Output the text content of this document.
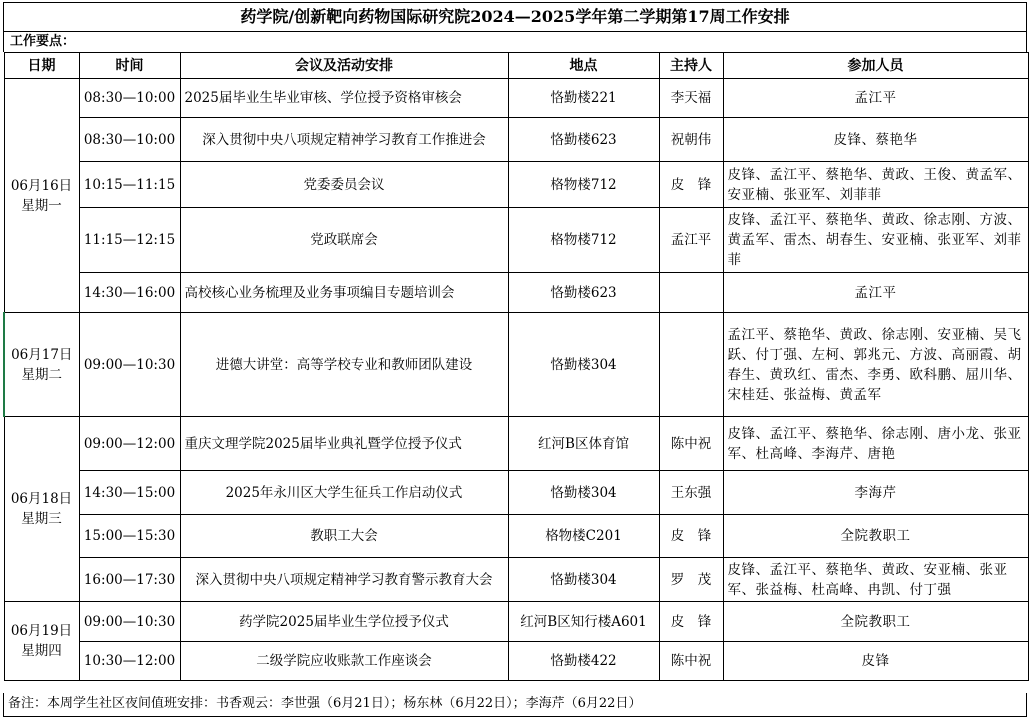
药学院/创新靶向药物国际研究院2024—2025学年第二学期第17周工作安排
工作要点：
日期	时间	会议及活动安排	地点	主持人	参加人员

06月16日
星期一	08:30—10:00	2025届毕业生毕业审核、学位授予资格审核会	恪勤楼221	李天福	孟江平
	08:30—10:00	深入贯彻中央八项规定精神学习教育工作推进会	恪勤楼623	祝朝伟	皮锋、蔡艳华
	10:15—11:15	党委委员会议	格物楼712	皮　锋	皮锋、孟江平、蔡艳华、黄政、王俊、黄孟军、安亚楠、张亚军、刘菲菲
	11:15—12:15	党政联席会	格物楼712	孟江平	皮锋、孟江平、蔡艳华、黄政、徐志刚、方波、黄孟军、雷杰、胡春生、安亚楠、张亚军、刘菲菲
	14:30—16:00	高校核心业务梳理及业务事项编目专题培训会	恪勤楼623		孟江平

06月17日
星期二	09:00—10:30	进德大讲堂：高等学校专业和教师团队建设	恪勤楼304		孟江平、蔡艳华、黄政、徐志刚、安亚楠、吴飞跃、付丁强、左柯、郭兆元、方波、高丽霞、胡春生、黄玖红、雷杰、李勇、欧科鹏、屈川华、宋桂廷、张益梅、黄孟军

06月18日
星期三	09:00—12:00	重庆文理学院2025届毕业典礼暨学位授予仪式	红河B区体育馆	陈中祝	皮锋、孟江平、蔡艳华、徐志刚、唐小龙、张亚军、杜高峰、李海芹、唐艳
	14:30—15:00	2025年永川区大学生征兵工作启动仪式	恪勤楼304	王东强	李海芹
	15:00—15:30	教职工大会	格物楼C201	皮　锋	全院教职工
	16:00—17:30	深入贯彻中央八项规定精神学习教育警示教育大会	恪勤楼304	罗　茂	皮锋、孟江平、蔡艳华、黄政、安亚楠、张亚军、张益梅、杜高峰、冉凯、付丁强

06月19日
星期四	09:00—10:30	药学院2025届毕业生学位授予仪式	红河B区知行楼A601	皮　锋	全院教职工
	10:30—12:00	二级学院应收账款工作座谈会	恪勤楼422	陈中祝	皮锋
备注：本周学生社区夜间值班安排：书香观云：李世强（6月21日）；杨东林（6月22日）；李海芹（6月22日）
